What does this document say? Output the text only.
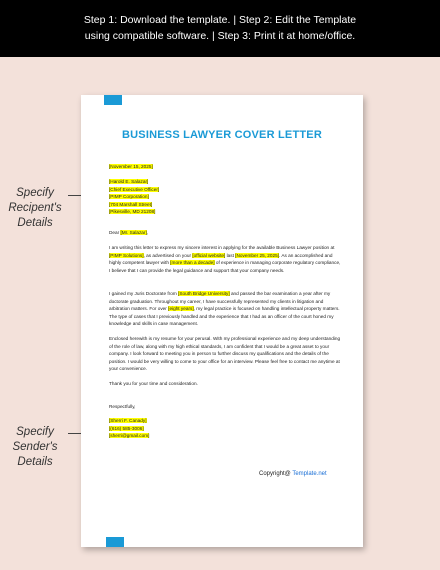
Step 1: Download the template. | Step 2: Edit the Template
using compatible software. | Step 3: Print it at home/office.
Specify
Recipent's
Details
Specify
Sender's
Details
BUSINESS LAWYER COVER LETTER
[November 15, 2025]
[Harold E. Salazar]
[Chief Executive Officer]
[PIMP Corporation]
[704 Marshall Street]
[Pikesville, MD 21208]
Dear [Mr. Salazar],
I am writing this letter to express my sincere interest in applying for the available Business Lawyer position at [PIMP Solutions], as advertised on your [official website] last [November 25, 2025]. As an accomplished and highly competent lawyer with [more than a decade] of experience in managing corporate regulatory compliance, I believe that I can provide the legal guidance and support that your company needs.
I gained my Juris Doctorate from [South Bridge University] and passed the bar examination a year after my doctorate graduation. Throughout my career, I have successfully represented my clients in litigation and arbitration matters. For over [eight years], my legal practice is focused on handling intellectual property matters. The type of cases that I previously handled and the experience that I had as an officer of the court honed my knowledge and skills in case management.
Enclosed herewith is my resume for your perusal. With my professional experience and my deep understanding of the role of law, along with my high ethical standards, I am confident that I would be a great asset to your company. I look forward to meeting you in person to further discuss my qualifications and the details of the position. I would be very willing to come to your office for an interview. Please feel free to contact me anytime at your convenience.
Thank you for your time and consideration.
Respectfully,
[Sherri F. Canady]
[(616) 585-3006]
[sherri@gmail.com]
Copyright@ Template.net
